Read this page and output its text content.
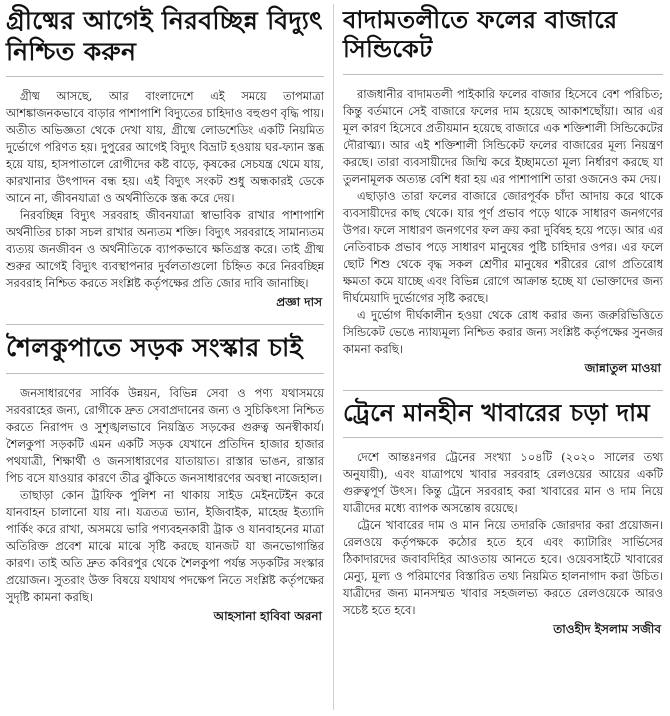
গ্রীষ্মের আগেই নিরবচ্ছিন্ন বিদ্যুৎ নিশ্চিত করুন

গ্রীষ্ম আসছে, আর বাংলাদেশে এই সময়ে তাপমাত্রা আশঙ্কাজনকভাবে বাড়ার পাশাপাশি বিদ্যুতের চাহিদাও বহুগুণ বৃদ্ধি পায়। অতীত অভিজ্ঞতা থেকে দেখা যায়, গ্রীষ্মে লোডশেডিং একটি নিয়মিত দুর্ভোগে পরিণত হয়। দুপুরের আগেই বিদ্যুৎ বিভ্রাট হওয়ায় ঘর-ফ্যান স্তব্ধ হয়ে যায়, হাসপাতালে রোগীদের কষ্ট বাড়ে, কৃষকের সেচযন্ত্র থেমে যায়, কারখানার উৎপাদন বন্ধ হয়। এই বিদ্যুৎ সংকট শুধু অন্ধকারই ডেকে আনে না, জীবনযাত্রা ও অর্থনীতিকে স্তব্ধ করে দেয়।

নিরবচ্ছিন্ন বিদ্যুৎ সরবরাহ জীবনযাত্রা স্বাভাবিক রাখার পাশাপাশি অর্থনীতির চাকা সচল রাখার অন্যতম শক্তি। বিদ্যুৎ সরবরাহে সামান্যতম ব্যত্যয় জনজীবন ও অর্থনীতিকে ব্যাপকভাবে ক্ষতিগ্রস্ত করে। তাই গ্রীষ্ম শুরুর আগেই বিদ্যুৎ ব্যবস্থাপনার দুর্বলতাগুলো চিহ্নিত করে নিরবচ্ছিন্ন সরবরাহ নিশ্চিত করতে সংশ্লিষ্ট কর্তৃপক্ষের প্রতি জোর দাবি জানাচ্ছি।

প্রজ্ঞা দাস
শৈলকুপাতে সড়ক সংস্কার চাই

জনসাধারণের সার্বিক উন্নয়ন, বিভিন্ন সেবা ও পণ্য যথাসময়ে সরবরাহের জন্য, রোগীকে দ্রুত সেবাপ্রদানের জন্য ও সুচিকিৎসা নিশ্চিত করতে নিরাপদ ও সুশৃঙ্খলভাবে নিয়ন্ত্রিত সড়কের গুরুত্ব অনস্বীকার্য। শৈলকুপা সড়কটি এমন একটি সড়ক যেখানে প্রতিদিন হাজার হাজার পথযাত্রী, শিক্ষার্থী ও জনসাধারণের যাতায়াত। রাস্তার ভাঙন, রাস্তার পিচ বসে যাওয়ার কারণে তীব্র ঝুঁকিতে জনসাধারণের অবস্থা নাজেহাল।

তাছাড়া কোন ট্রাফিক পুলিশ না থাকায় সাইড মেইনটেইন করে যানবাহন চালানো যায় না। যত্রতত্র ভ্যান, ইজিবাইক, মাহেন্দ্র ইত্যাদি পার্কিং করে রাখা, অসময়ে ভারি পণ্যবহনকারী ট্রাক ও যানবাহনের মাত্রা অতিরিক্ত প্রবেশ মাঝে মাঝে সৃষ্টি করছে যানজট যা জনভোগান্তির কারণ। তাই অতি দ্রুত কবিরপুর থেকে শৈলকুপা পর্যন্ত সড়কটির সংস্কার প্রয়োজন। সুতরাং উক্ত বিষয়ে যথাযথ পদক্ষেপ নিতে সংশ্লিষ্ট কর্তৃপক্ষের সুদৃষ্টি কামনা করছি।

আহসানা হাবিবা অরনা
বাদামতলীতে ফলের বাজারে সিন্ডিকেট

রাজধানীর বাদামতলী পাইকারি ফলের বাজার হিসেবে বেশ পরিচিত; কিন্তু বর্তমানে সেই বাজারে ফলের দাম হয়েছে আকাশছোঁয়া। আর এর মূল কারণ হিসেবে প্রতীয়মান হয়েছে বাজারে এক শক্তিশালী সিন্ডিকেটের দৌরাত্ম্য। আর এই শক্তিশালী সিন্ডিকেট ফলের বাজারের মূল্য নিয়ন্ত্রণ করছে। তারা ব্যবসায়ীদের জিম্মি করে ইচ্ছামতো মূল্য নির্ধারণ করছে যা তুলনামূলক অত্যন্ত বেশি ধরা হয় এর পাশাপাশি তারা ওজনেও কম দেয়।

এছাড়াও তারা ফলের বাজারে জোরপূর্বক চাঁদা আদায় করে থাকে ব্যবসায়ীদের কাছ থেকে। যার পূর্ণ প্রভাব পড়ে থাকে সাধারণ জনগণের উপর। ফলে সাধারণ জনগণের ফল ক্রয় করা দুর্বিষহ হয়ে পড়ে। আর এর নেতিবাচক প্রভাব পড়ে সাধারণ মানুষের পুষ্টি চাহিদার ওপর। এর ফলে ছোট শিশু থেকে বৃদ্ধ সকল শ্রেণীর মানুষের শরীরের রোগ প্রতিরোধ ক্ষমতা কমে যাচ্ছে এবং বিভিন্ন রোগে আক্রান্ত হচ্ছে যা ভোক্তাদের জন্য দীর্ঘমেয়াদি দুর্ভোগের সৃষ্টি করছে।

এ দুর্ভোগ দীর্ঘকালীন হওয়া থেকে রোধ করার জন্য জরুরিভিত্তিতে সিন্ডিকেট ভেঙে ন্যায্যমূল্য নিশ্চিত করার জন্য সংশ্লিষ্ট কর্তৃপক্ষের সুনজর কামনা করছি।

জান্নাতুল মাওয়া
ট্রেনে মানহীন খাবারের চড়া দাম

দেশে আন্তঃনগর ট্রেনের সংখ্যা ১০৪টি (২০২০ সালের তথ্য অনুযায়ী), এবং যাত্রাপথে খাবার সরবরাহ রেলওয়ের আয়ের একটি গুরুত্বপূর্ণ উৎস। কিন্তু ট্রেনে সরবরাহ করা খাবারের মান ও দাম নিয়ে যাত্রীদের মধ্যে ব্যাপক অসন্তোষ রয়েছে।

ট্রেনে খাবারের দাম ও মান নিয়ে তদারকি জোরদার করা প্রয়োজন। রেলওয়ে কর্তৃপক্ষকে কঠোর হতে হবে এবং ক্যাটারিং সার্ভিসের ঠিকাদারদের জবাবদিহির আওতায় আনতে হবে। ওয়েবসাইটে খাবারের মেন্যু, মূল্য ও পরিমাণের বিস্তারিত তথ্য নিয়মিত হালনাগাদ করা উচিত। যাত্রীদের জন্য মানসম্মত খাবার সহজলভ্য করতে রেলওয়েকে আরও সচেষ্ট হতে হবে।

তাওহীদ ইসলাম সজীব
